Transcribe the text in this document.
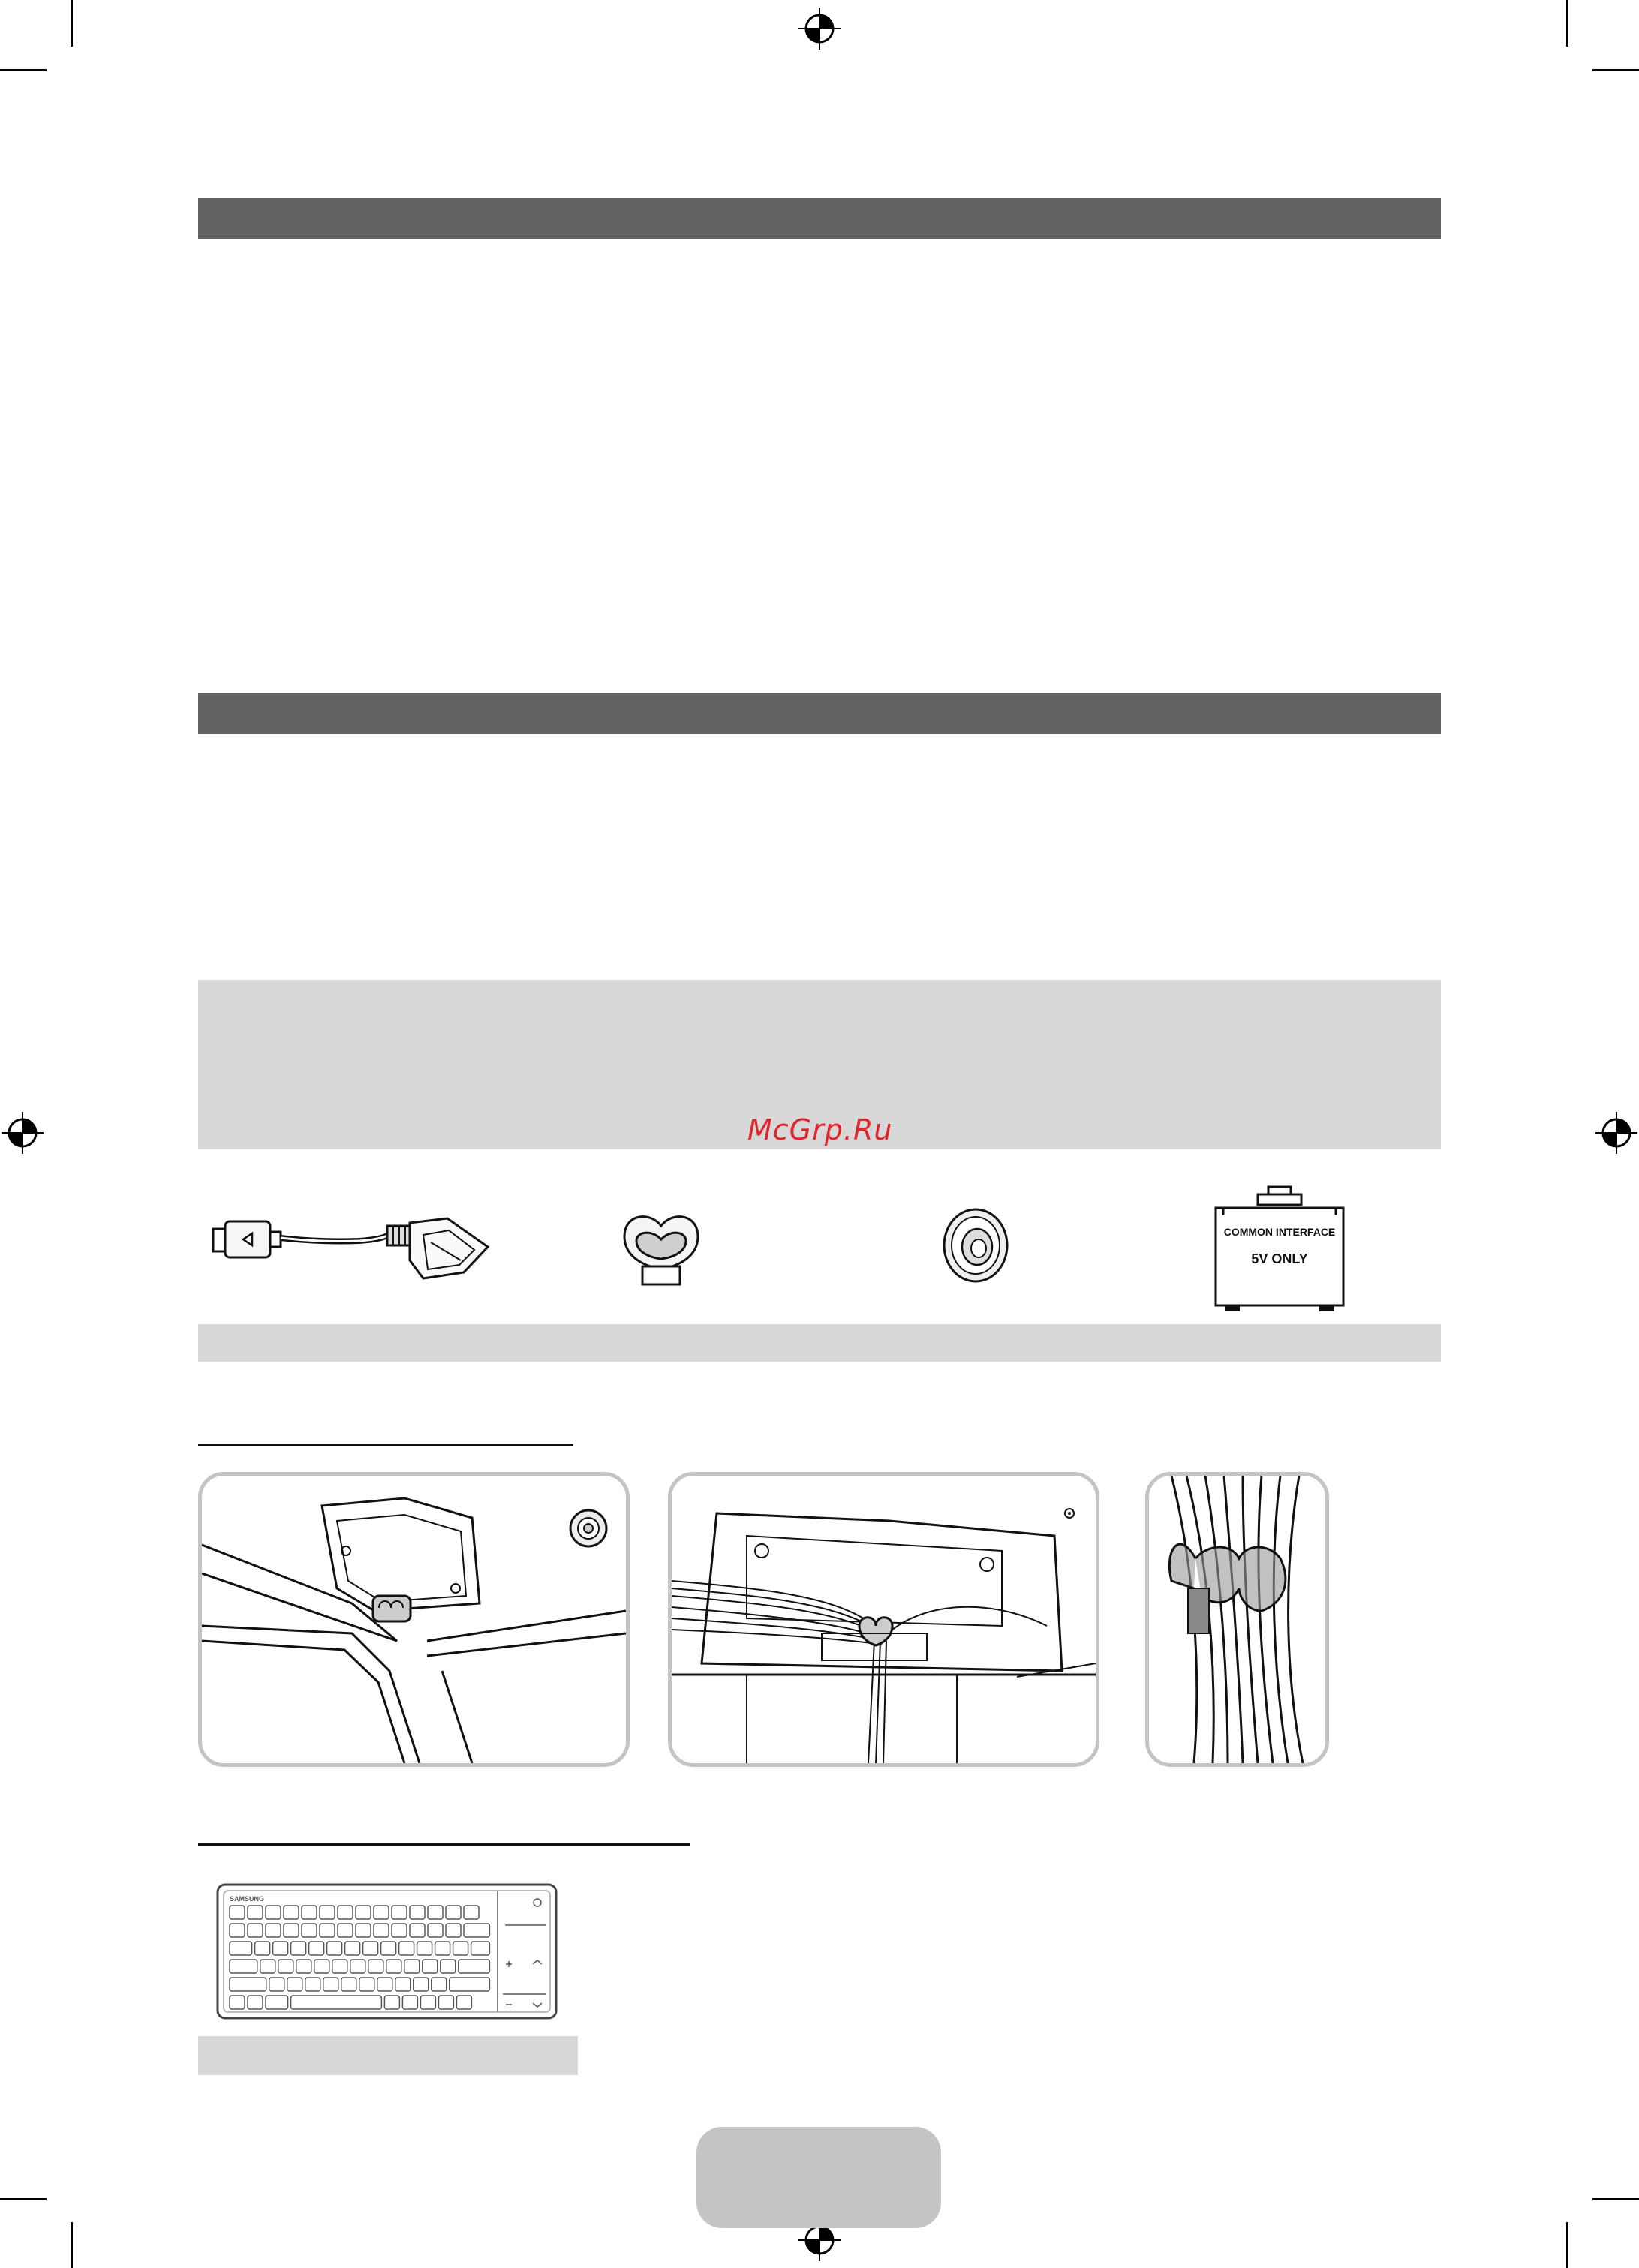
McGrp.Ru
COMMON INTERFACE
5V ONLY
SAMSUNG
